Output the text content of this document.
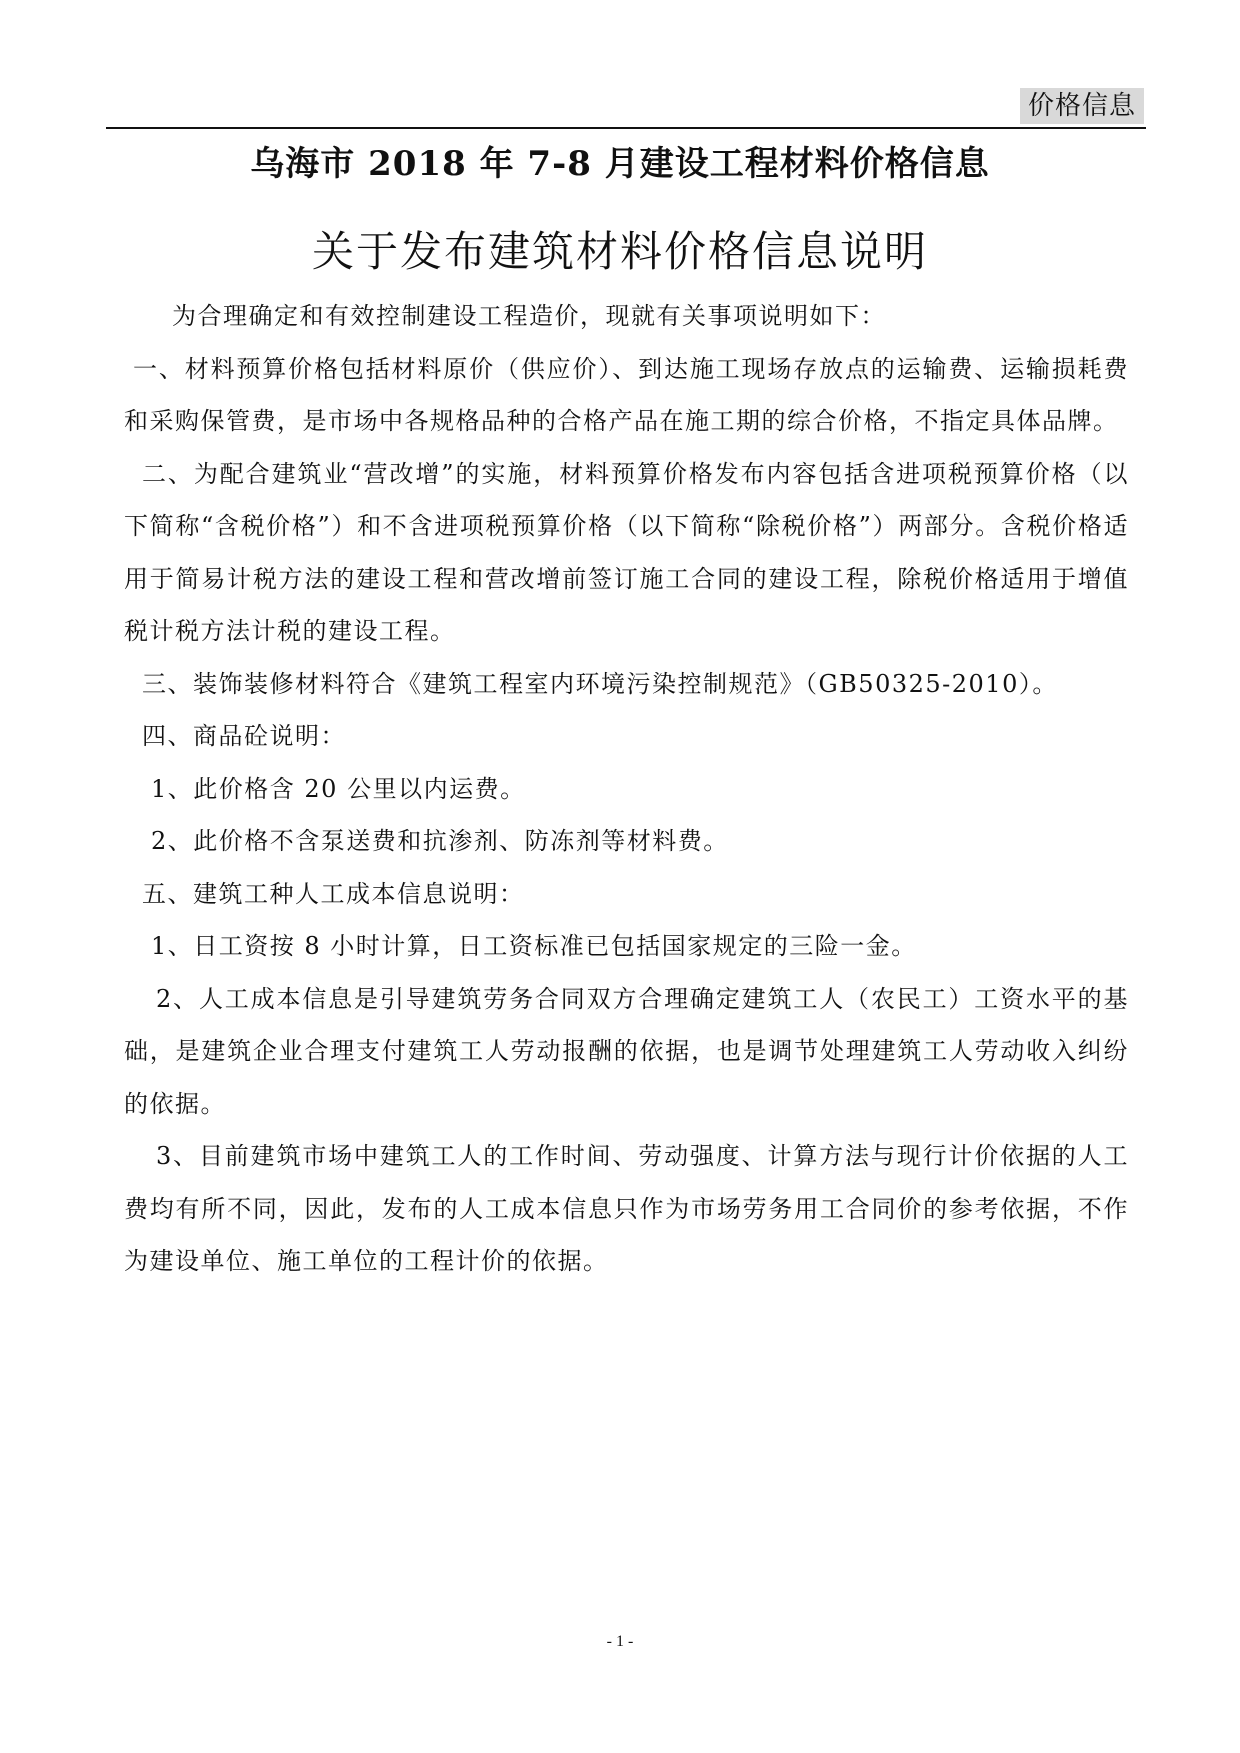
价格信息
乌海市 2018 年 7-8 月建设工程材料价格信息
关于发布建筑材料价格信息说明

为合理确定和有效控制建设工程造价，现就有关事项说明如下：

一、材料预算价格包括材料原价（供应价）、到达施工现场存放点的运输费、运输损耗费和采购保管费，是市场中各规格品种的合格产品在施工期的综合价格，不指定具体品牌。

二、为配合建筑业“营改增”的实施，材料预算价格发布内容包括含进项税预算价格（以下简称“含税价格”）和不含进项税预算价格（以下简称“除税价格”）两部分。含税价格适用于简易计税方法的建设工程和营改增前签订施工合同的建设工程，除税价格适用于增值税计税方法计税的建设工程。

三、装饰装修材料符合《建筑工程室内环境污染控制规范》（GB50325-2010）。

四、商品砼说明：

1、此价格含 20 公里以内运费。

2、此价格不含泵送费和抗渗剂、防冻剂等材料费。

五、建筑工种人工成本信息说明：

1、日工资按 8 小时计算，日工资标准已包括国家规定的三险一金。

2、人工成本信息是引导建筑劳务合同双方合理确定建筑工人（农民工）工资水平的基础，是建筑企业合理支付建筑工人劳动报酬的依据，也是调节处理建筑工人劳动收入纠纷的依据。

3、目前建筑市场中建筑工人的工作时间、劳动强度、计算方法与现行计价依据的人工费均有所不同，因此，发布的人工成本信息只作为市场劳务用工合同价的参考依据，不作为建设单位、施工单位的工程计价的依据。

- 1 -
